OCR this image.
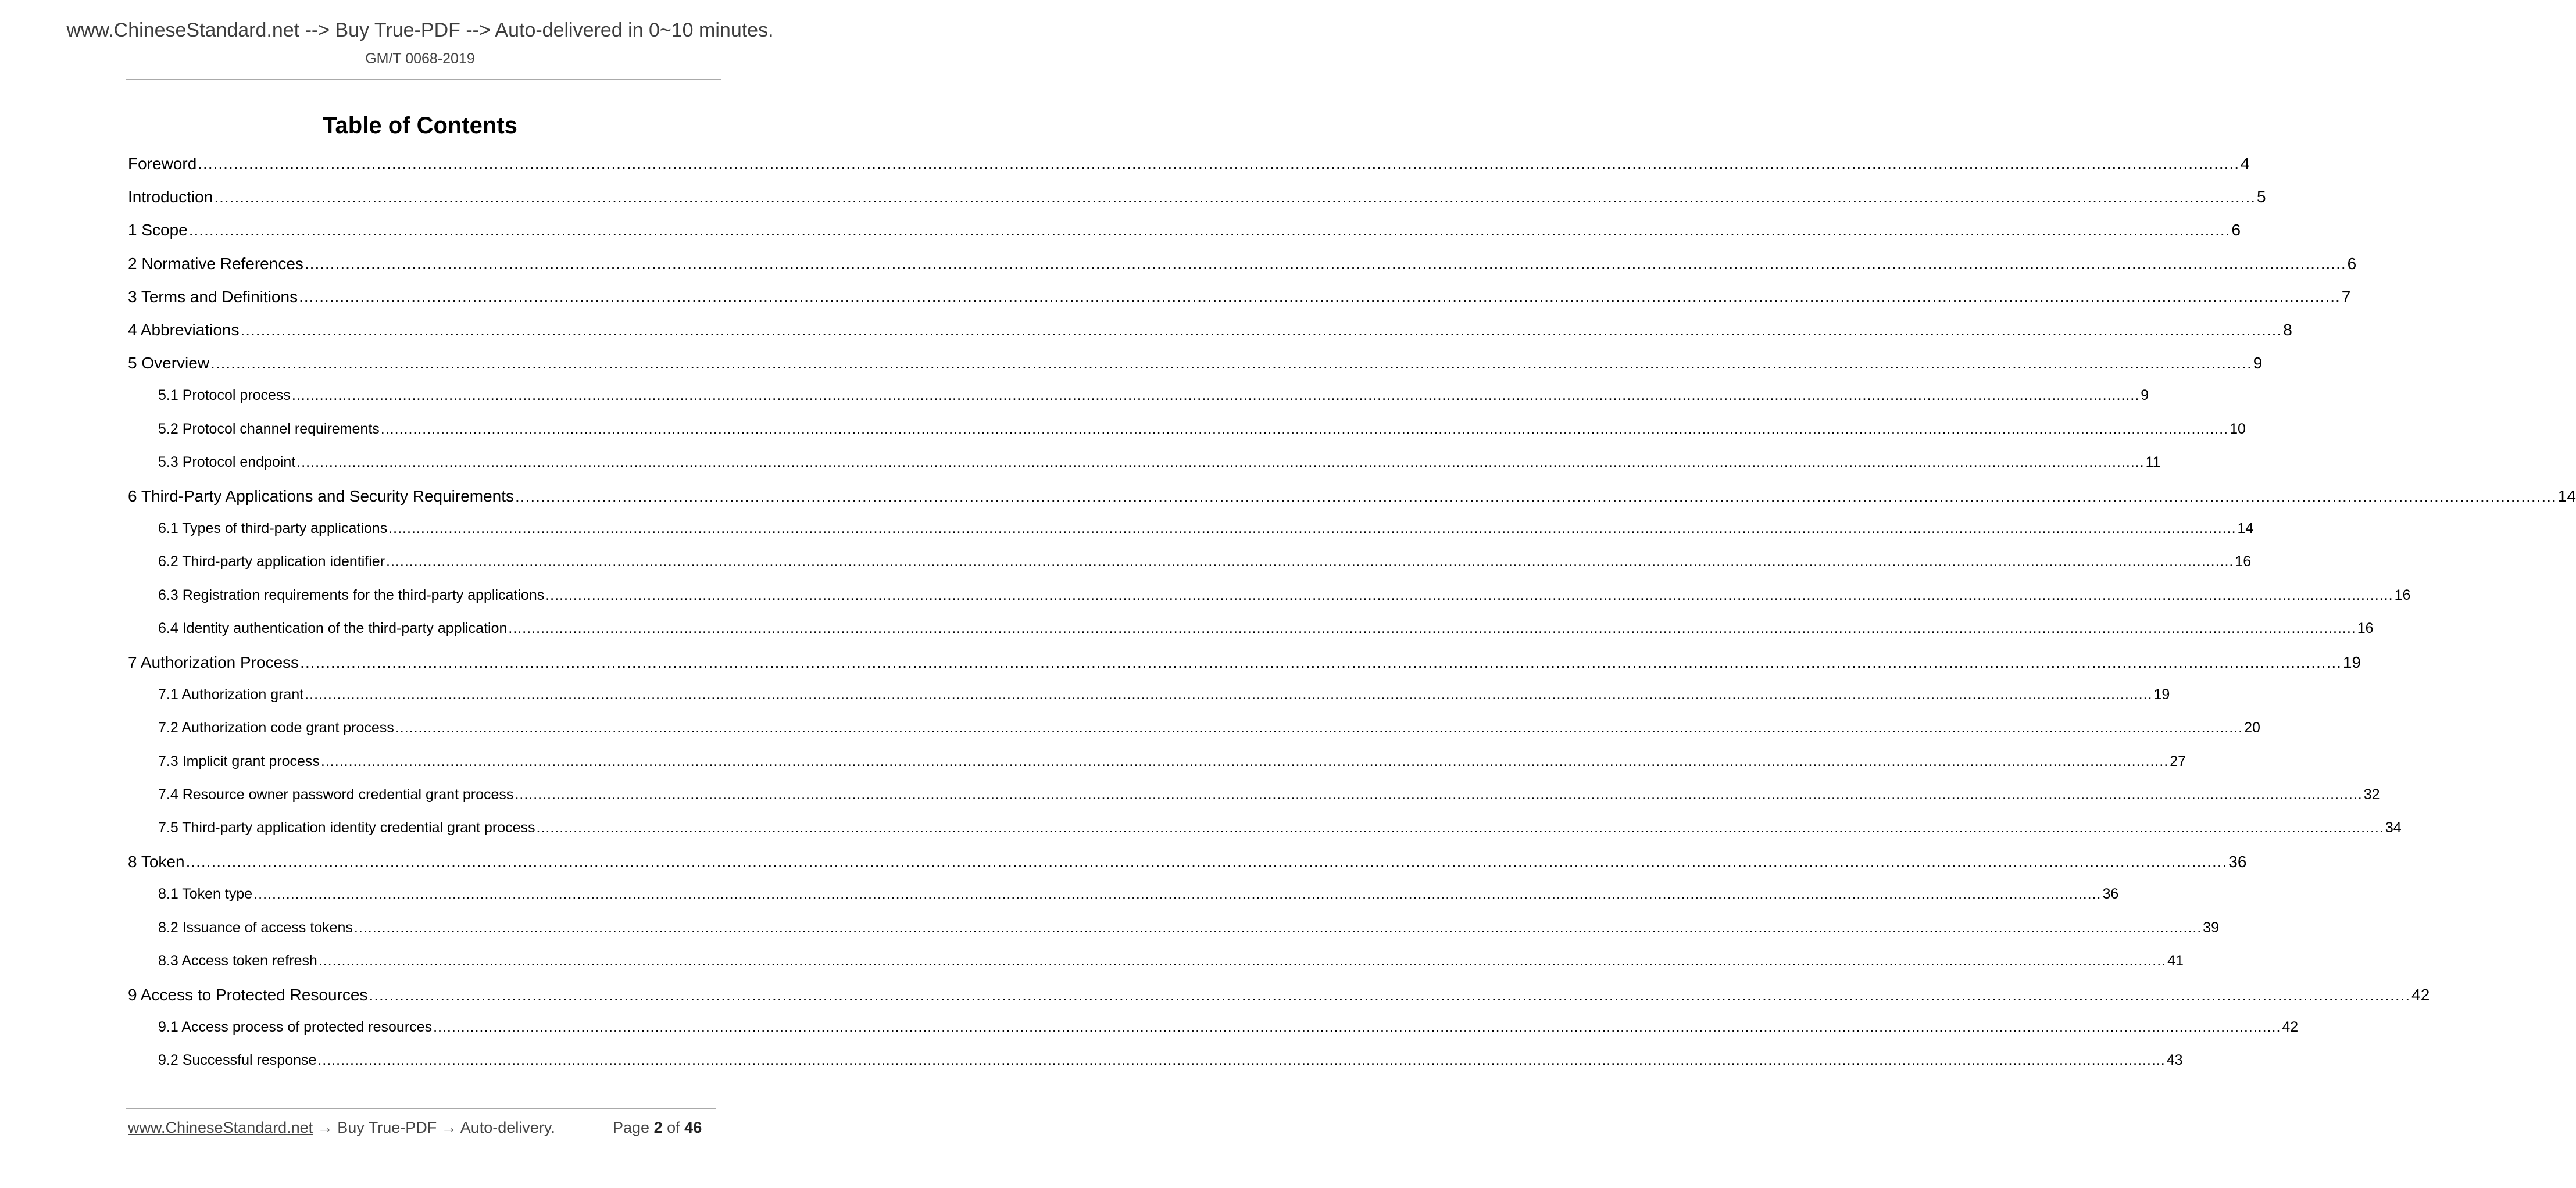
www.ChineseStandard.net --> Buy True-PDF --> Auto-delivered in 0~10 minutes.
GM/T 0068-2019
Table of Contents
Foreword ................................................................................................................................................................................................................................................................................................................................................................................................................ 4
Introduction ................................................................................................................................................................................................................................................................................................................................................................................................................ 5
1 Scope ................................................................................................................................................................................................................................................................................................................................................................................................................ 6
2 Normative References ................................................................................................................................................................................................................................................................................................................................................................................................................ 6
3 Terms and Definitions ................................................................................................................................................................................................................................................................................................................................................................................................................ 7
4 Abbreviations ................................................................................................................................................................................................................................................................................................................................................................................................................ 8
5 Overview ................................................................................................................................................................................................................................................................................................................................................................................................................ 9
5.1 Protocol process ................................................................................................................................................................................................................................................................................................................................................................................................................ 9
5.2 Protocol channel requirements ................................................................................................................................................................................................................................................................................................................................................................................................................ 10
5.3 Protocol endpoint ................................................................................................................................................................................................................................................................................................................................................................................................................ 11
6 Third-Party Applications and Security Requirements ................................................................................................................................................................................................................................................................................................................................................................................................................ 14
6.1 Types of third-party applications ................................................................................................................................................................................................................................................................................................................................................................................................................ 14
6.2 Third-party application identifier ................................................................................................................................................................................................................................................................................................................................................................................................................ 16
6.3 Registration requirements for the third-party applications ................................................................................................................................................................................................................................................................................................................................................................................................................ 16
6.4 Identity authentication of the third-party application ................................................................................................................................................................................................................................................................................................................................................................................................................ 16
7 Authorization Process ................................................................................................................................................................................................................................................................................................................................................................................................................ 19
7.1 Authorization grant ................................................................................................................................................................................................................................................................................................................................................................................................................ 19
7.2 Authorization code grant process ................................................................................................................................................................................................................................................................................................................................................................................................................ 20
7.3 Implicit grant process ................................................................................................................................................................................................................................................................................................................................................................................................................ 27
7.4 Resource owner password credential grant process ................................................................................................................................................................................................................................................................................................................................................................................................................ 32
7.5 Third-party application identity credential grant process ................................................................................................................................................................................................................................................................................................................................................................................................................ 34
8 Token ................................................................................................................................................................................................................................................................................................................................................................................................................ 36
8.1 Token type ................................................................................................................................................................................................................................................................................................................................................................................................................ 36
8.2 Issuance of access tokens ................................................................................................................................................................................................................................................................................................................................................................................................................ 39
8.3 Access token refresh ................................................................................................................................................................................................................................................................................................................................................................................................................ 41
9 Access to Protected Resources ................................................................................................................................................................................................................................................................................................................................................................................................................ 42
9.1 Access process of protected resources ................................................................................................................................................................................................................................................................................................................................................................................................................ 42
9.2 Successful response ................................................................................................................................................................................................................................................................................................................................................................................................................ 43
www.ChineseStandard.net → Buy True-PDF → Auto-delivery.	Page 2 of 46
